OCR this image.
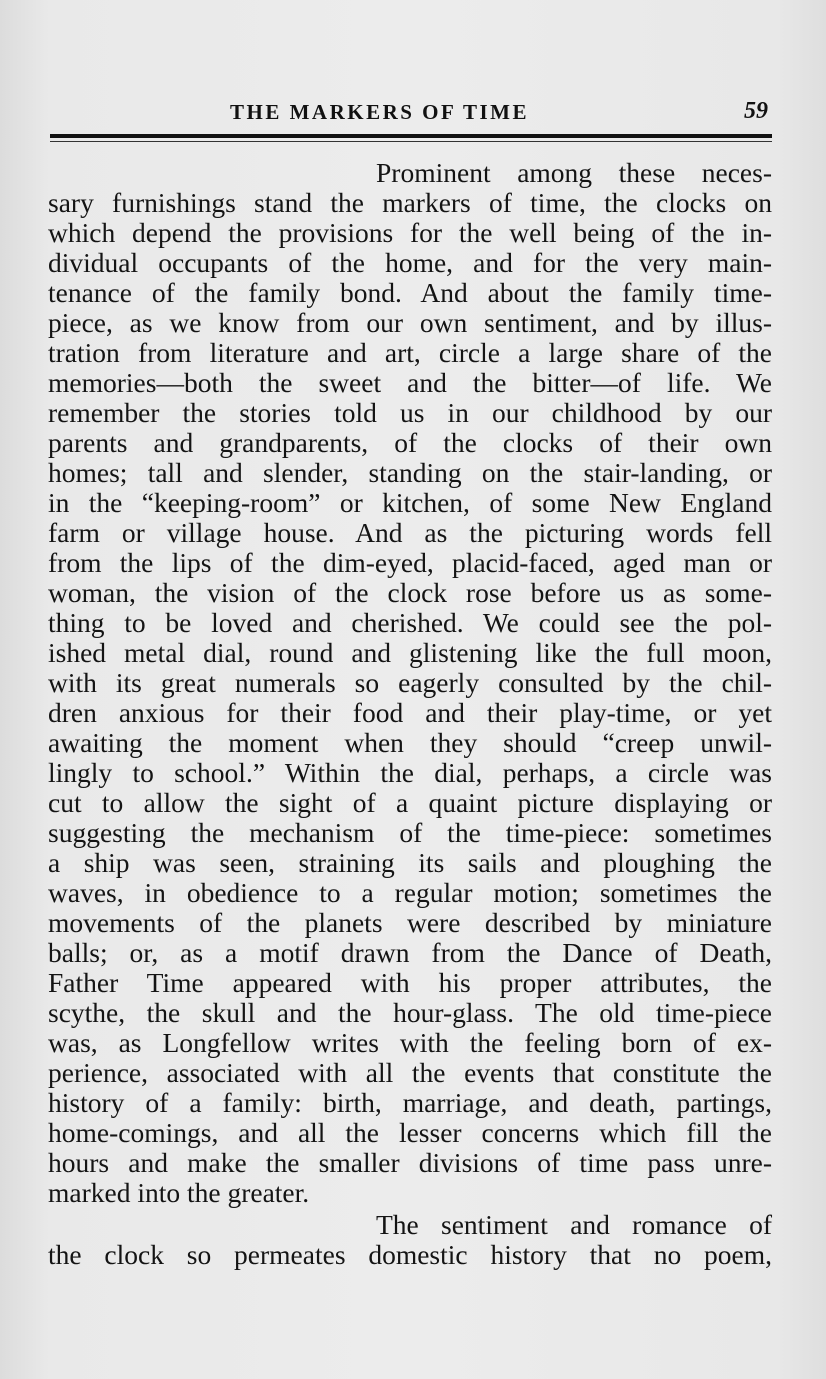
THE MARKERS OF TIME	59
Prominent among these neces-
sary furnishings stand the markers of time, the clocks on
which depend the provisions for the well being of the in-
dividual occupants of the home, and for the very main-
tenance of the family bond. And about the family time-
piece, as we know from our own sentiment, and by illus-
tration from literature and art, circle a large share of the
memories—both the sweet and the bitter—of life. We
remember the stories told us in our childhood by our
parents and grandparents, of the clocks of their own
homes; tall and slender, standing on the stair-landing, or
in the “keeping-room” or kitchen, of some New England
farm or village house. And as the picturing words fell
from the lips of the dim-eyed, placid-faced, aged man or
woman, the vision of the clock rose before us as some-
thing to be loved and cherished. We could see the pol-
ished metal dial, round and glistening like the full moon,
with its great numerals so eagerly consulted by the chil-
dren anxious for their food and their play-time, or yet
awaiting the moment when they should “creep unwil-
lingly to school.” Within the dial, perhaps, a circle was
cut to allow the sight of a quaint picture displaying or
suggesting the mechanism of the time-piece: sometimes
a ship was seen, straining its sails and ploughing the
waves, in obedience to a regular motion; sometimes the
movements of the planets were described by miniature
balls; or, as a motif drawn from the Dance of Death,
Father Time appeared with his proper attributes, the
scythe, the skull and the hour-glass. The old time-piece
was, as Longfellow writes with the feeling born of ex-
perience, associated with all the events that constitute the
history of a family: birth, marriage, and death, partings,
home-comings, and all the lesser concerns which fill the
hours and make the smaller divisions of time pass unre-
marked into the greater.
The sentiment and romance of
the clock so permeates domestic history that no poem,
